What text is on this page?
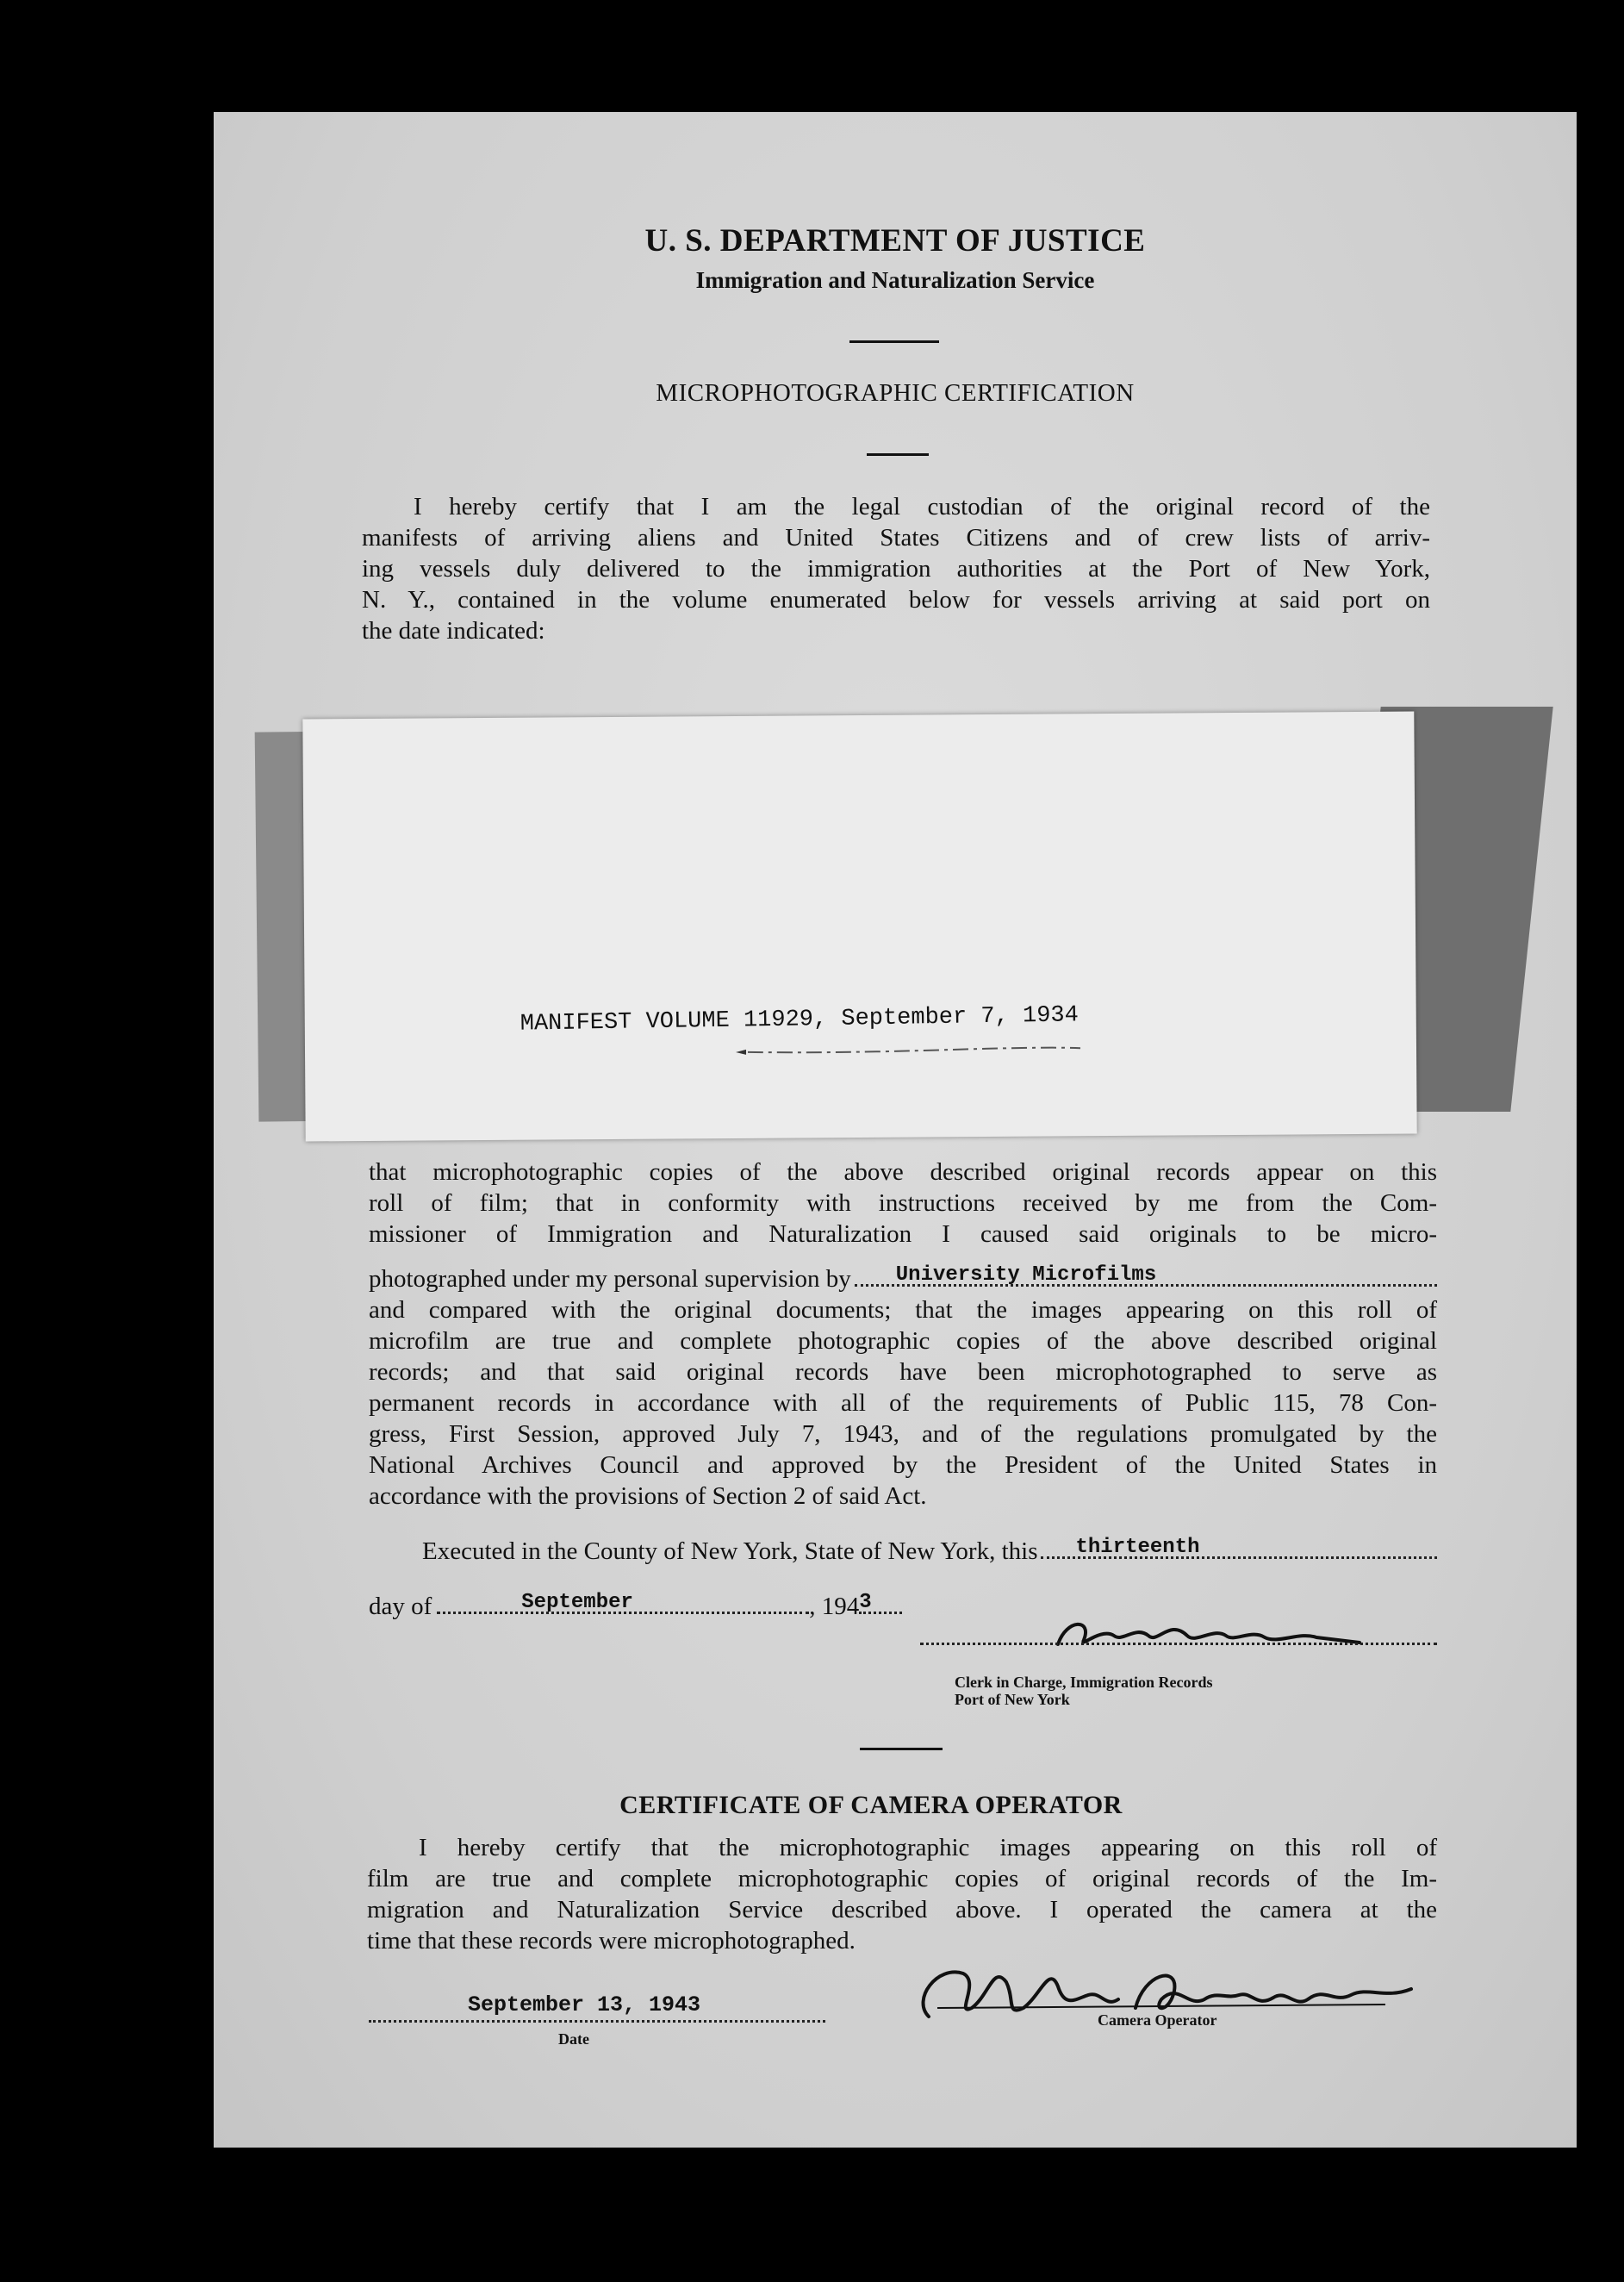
U. S. DEPARTMENT OF JUSTICE
Immigration and Naturalization Service
MICROPHOTOGRAPHIC CERTIFICATION
I hereby certify that I am the legal custodian of the original record of the
manifests of arriving aliens and United States Citizens and of crew lists of arriv-
ing vessels duly delivered to the immigration authorities at the Port of New York,
N. Y., contained in the volume enumerated below for vessels arriving at said port on
the date indicated:
MANIFEST VOLUME 11929, September 7, 1934
that microphotographic copies of the above described original records appear on this
roll of film; that in conformity with instructions received by me from the Com-
missioner of Immigration and Naturalization I caused said originals to be micro-
photographed under my personal supervision by University Microfilms
and compared with the original documents; that the images appearing on this roll of
microfilm are true and complete photographic copies of the above described original
records; and that said original records have been microphotographed to serve as
permanent records in accordance with all of the requirements of Public 115, 78 Con-
gress, First Session, approved July 7, 1943, and of the regulations promulgated by the
National Archives Council and approved by the President of the United States in
accordance with the provisions of Section 2 of said Act.
Executed in the County of New York, State of New York, this thirteenth
day of	September	, 194 3
Clerk in Charge, Immigration Records
Port of New York
CERTIFICATE OF CAMERA OPERATOR
I hereby certify that the microphotographic images appearing on this roll of
film are true and complete microphotographic copies of original records of the Im-
migration and Naturalization Service described above. I operated the camera at the
time that these records were microphotographed.
September 13, 1943
Date
Camera Operator
